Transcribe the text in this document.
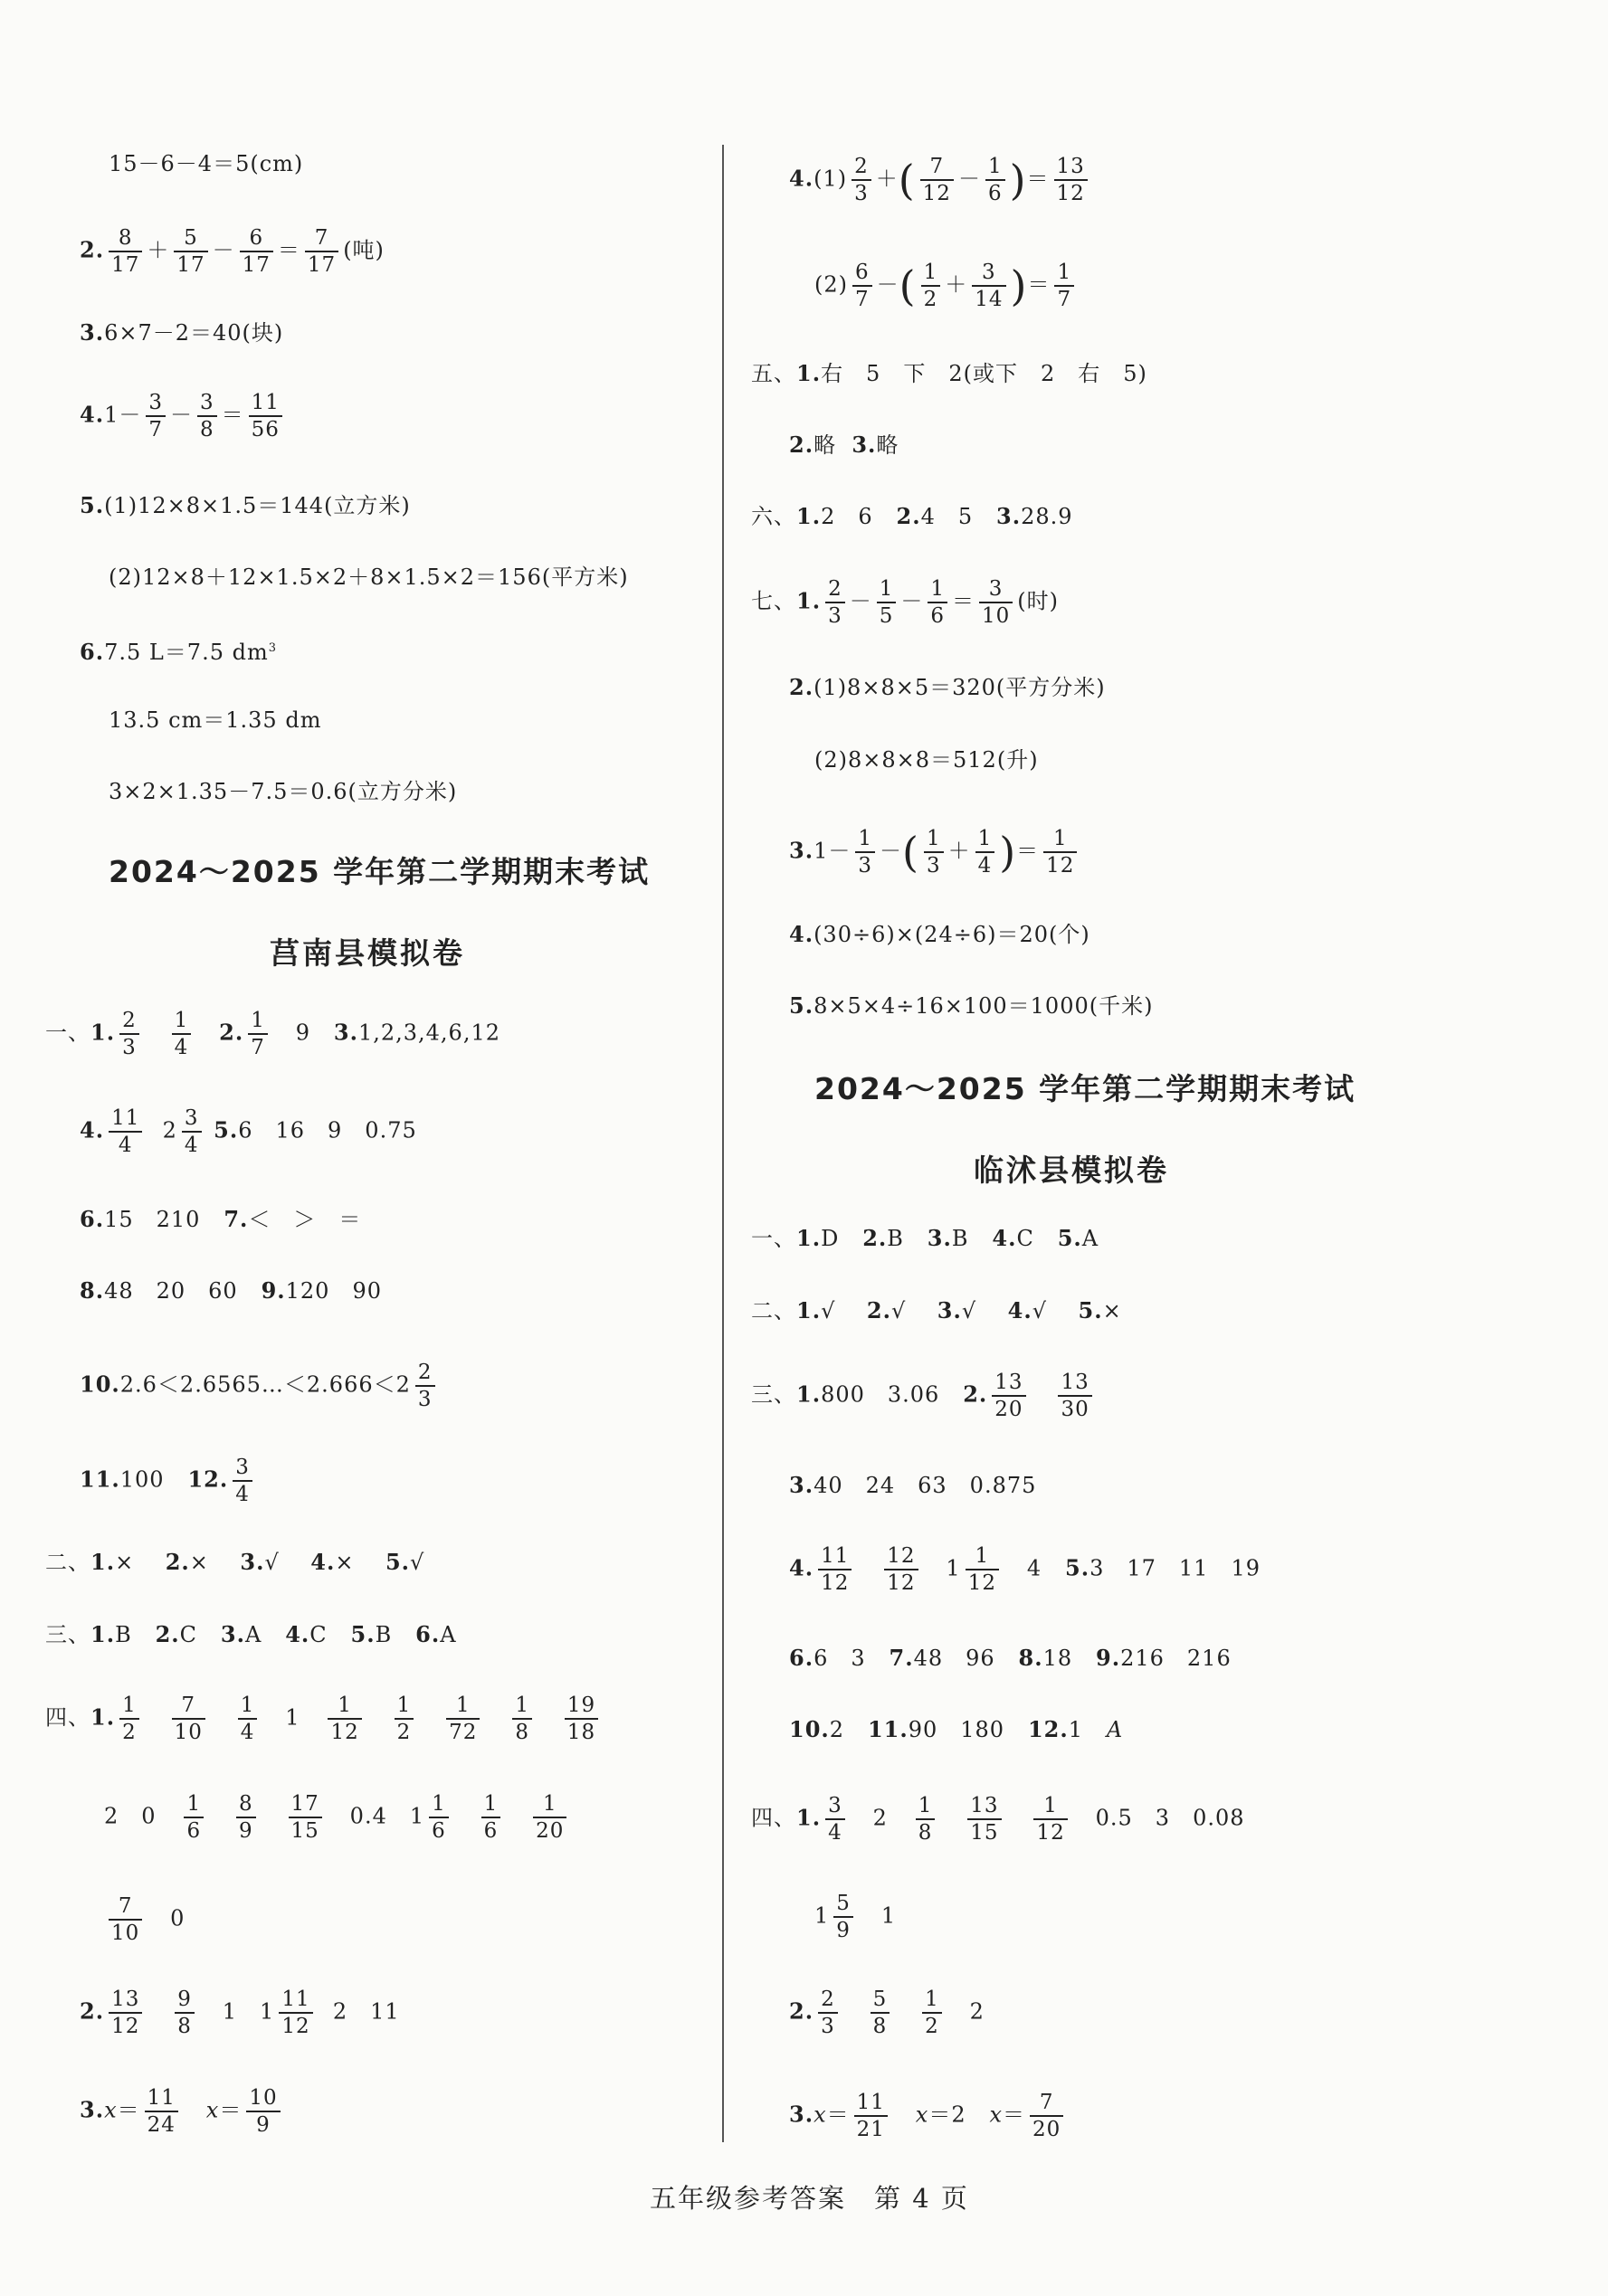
15－6－4＝5(cm)
2. $\frac{8}{17} + \frac{5}{17} - \frac{6}{17} = \frac{7}{17}$ (吨)
3.6×7－2＝40(块)
$4.1- \frac{3}{7} - \frac{3}{8} = \frac{11}{56}$
5.(1)12×8×1.5＝144(立方米)
(2)12×8＋12×1.5×2＋8×1.5×2＝156(平方米)
6.7.5 L＝7.5 $dm^3$
13.5 cm＝1.35 dm
3×2×1.35－7.5＝0.6(立方分米)
2024～2025 学年第二学期期末考试
莒南县模拟卷
一、1. $\frac{2}{3}$
$\frac{1}{4} 2$. $\frac{1}{7} 9$ 3.1,2,3,4,6,12
4. $\frac{11}{4} 2 \frac{3}{4} 5.6$　16　9　0.75
6.15　210 7.＜　＞　＝
8.48　20　60 9.120　90
10.2.6＜2.6565…＜2.666＜2 $\frac{2}{3}$
11.100 12. $\frac{3}{4}$
二、1.× 2.× 3.√ 4.× 5.√
三、1.B 2.C 3.A 4.C 5.B 6.A
四、1. $\frac{1}{2}$
$\frac{7}{10}$
$\frac{1}{4} 1 \frac{1}{12}$
$\frac{1}{2}$
$\frac{1}{72}$
$\frac{1}{8}$
$\frac{19}{18}$
2　$0 \frac{1}{6}$
$\frac{8}{9}$
$\frac{17}{15} 0.4$　$1 \frac{1}{6}$
$\frac{1}{6}$
$\frac{1}{20}$
$\frac{7}{10} 0$
2. $\frac{13}{12}$
$\frac{9}{8} 1$　$1 \frac{11}{12} 2$　11
$3.x= \frac{11}{24} x= \frac{10}{9}$
$4.(1) \frac{2}{3}$ ＋( $\frac{7}{12} - \frac{1}{6}$ )＝ $\frac{13}{12}$
$(2) \frac{6}{7}$ －( $\frac{1}{2} + \frac{3}{14}$ )＝ $\frac{1}{7}$
五、1.右　5　下　2(或下　2　右　5)
2.略 3.略
六、1.2　6 2.4　5 3.28.9
七、1. $\frac{2}{3} - \frac{1}{5} - \frac{1}{6} = \frac{3}{10}$ (时)
2.(1)8×8×5＝320(平方分米)
(2)8×8×8＝512(升)
$3.1- \frac{1}{3}$ －( $\frac{1}{3} + \frac{1}{4}$ )＝ $\frac{1}{12}$
4.(30÷6)×(24÷6)＝20(个)
5.8×5×4÷16×100＝1000(千米)
2024～2025 学年第二学期期末考试
临沭县模拟卷
一、1.D 2.B 3.B 4.C 5.A
二、1.√ 2.√ 3.√ 4.√ 5.×
三、1.800　3.06 2. $\frac{13}{20}$
$\frac{13}{30}$
3.40　24　63　0.875
4. $\frac{11}{12}$
$\frac{12}{12} 1 \frac{1}{12} 4$ 5.3　17　11　19
6.6　3 7.48　96 8.18 9.216　216
10.2 11.90　180 12.1 A
四、1. $\frac{3}{4} 2 \frac{1}{8}$
$\frac{13}{15}$
$\frac{1}{12} 0.5$　3　0.08
$1 \frac{5}{9} 1$
2. $\frac{2}{3}$
$\frac{5}{8}$
$\frac{1}{2} 2$
$3.x= \frac{11}{21} x=2$ $x= \frac{7}{20}$
五年级参考答案　第 4 页
